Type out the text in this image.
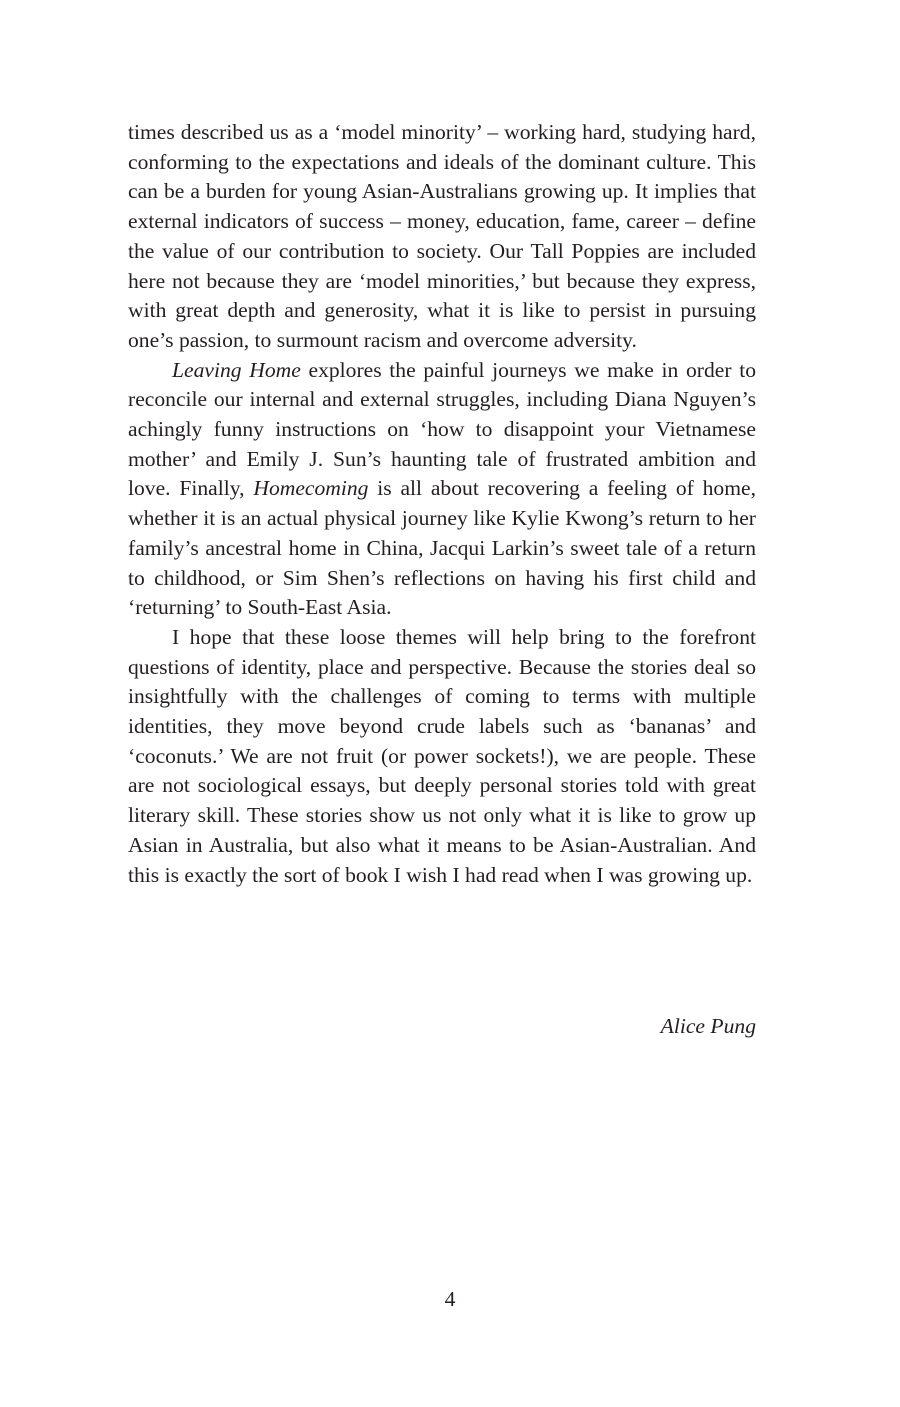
times described us as a ‘model minority’ – working hard, studying hard, conforming to the expectations and ideals of the dominant culture. This can be a burden for young Asian-Australians growing up. It implies that external indicators of success – money, education, fame, career – define the value of our contribution to society. Our Tall Poppies are included here not because they are ‘model minorities,’ but because they express, with great depth and generosity, what it is like to persist in pursuing one’s passion, to surmount racism and overcome adversity.

Leaving Home explores the painful journeys we make in order to reconcile our internal and external struggles, including Diana Nguyen’s achingly funny instructions on ‘how to disappoint your Vietnamese mother’ and Emily J. Sun’s haunting tale of frustrated ambition and love. Finally, Homecoming is all about recovering a feeling of home, whether it is an actual physical journey like Kylie Kwong’s return to her family’s ancestral home in China, Jacqui Larkin’s sweet tale of a return to childhood, or Sim Shen’s reflections on having his first child and ‘returning’ to South-East Asia.

I hope that these loose themes will help bring to the forefront questions of identity, place and perspective. Because the stories deal so insightfully with the challenges of coming to terms with multiple identities, they move beyond crude labels such as ‘bananas’ and ‘coconuts.’ We are not fruit (or power sockets!), we are people. These are not sociological essays, but deeply personal stories told with great literary skill. These stories show us not only what it is like to grow up Asian in Australia, but also what it means to be Asian-Australian. And this is exactly the sort of book I wish I had read when I was growing up.

Alice Pung
4
